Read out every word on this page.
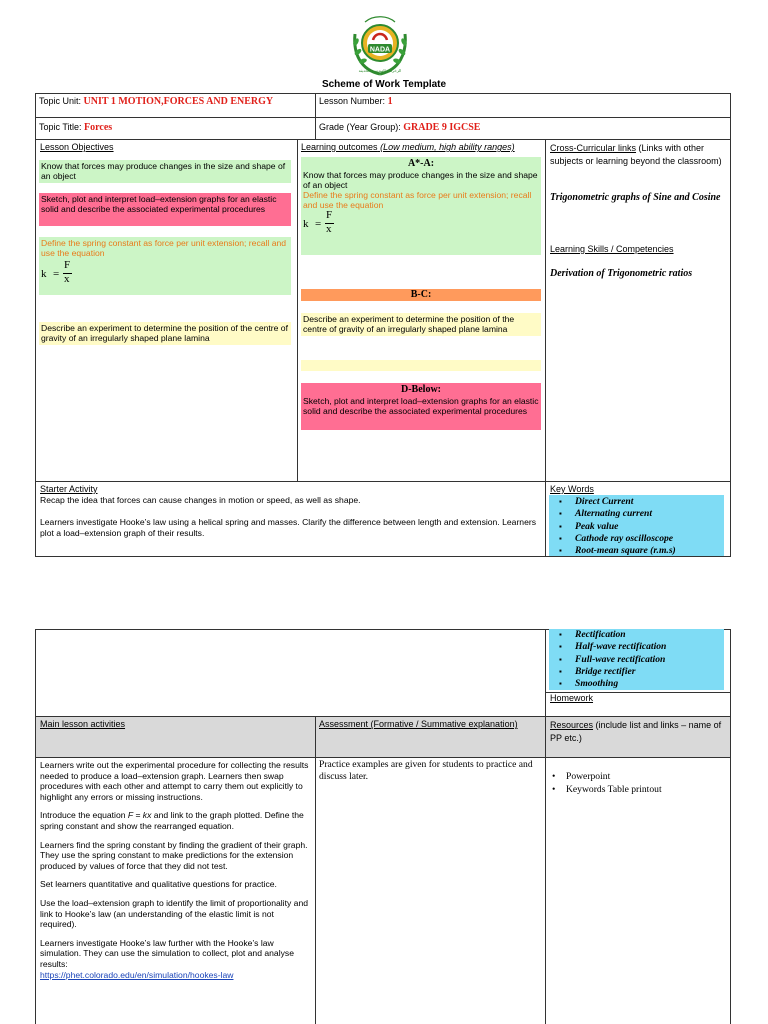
NADA
الزخرفية الهندسية الحديثة
Scheme of Work Template
Topic Unit: UNIT 1 MOTION,FORCES AND ENERGY	Lesson Number: 1
Topic Title: Forces	Grade (Year Group): GRADE 9 IGCSE
Lesson Objectives	Learning outcomes (Low medium, high ability ranges)	Cross-Curricular links (Links with other subjects or learning beyond the classroom)
Know that forces may produce changes in the size and shape of an object
Sketch, plot and interpret load–extension graphs for an elastic solid and describe the associated experimental procedures
Define the spring constant as force per unit extension; recall and use the equation
k =
F
x
Describe an experiment to determine the position of the centre of gravity of an irregularly shaped plane lamina
A*-A:
Know that forces may produce changes in the size and shape of an object
Define the spring constant as force per unit extension; recall and use the equation
k =
F
x
B-C:
Describe an experiment to determine the position of the centre of gravity of an irregularly shaped plane lamina
D-Below:
Sketch, plot and interpret load–extension graphs for an elastic solid and describe the associated experimental procedures
Trigonometric graphs of Sine and Cosine
Learning Skills / Competencies
Derivation of Trigonometric ratios
Starter Activity
Recap the idea that forces can cause changes in motion or speed, as well as shape.
Learners investigate Hooke’s law using a helical spring and masses. Clarify the difference between length and extension. Learners plot a load–extension graph of their results.
Key Words
▪ Direct Current
▪ Alternating current
▪ Peak value
▪ Cathode ray oscilloscope
▪ Root-mean square (r.m.s)
▪ Rectification
▪ Half-wave rectification
▪ Full-wave rectification
▪ Bridge rectifier
▪ Smoothing
Homework
Main lesson activities	Assessment (Formative / Summative explanation)	Resources (include list and links – name of PP etc.)
Learners write out the experimental procedure for collecting the results needed to produce a load–extension graph. Learners then swap procedures with each other and attempt to carry them out explicitly to highlight any errors or missing instructions.
Introduce the equation F = kx and link to the graph plotted. Define the spring constant and show the rearranged equation.
Learners find the spring constant by finding the gradient of their graph. They use the spring constant to make predictions for the extension produced by values of force that they did not test.
Set learners quantitative and qualitative questions for practice.
Use the load–extension graph to identify the limit of proportionality and link to Hooke’s law (an understanding of the elastic limit is not required).
Learners investigate Hooke’s law further with the Hooke’s law simulation. They can use the simulation to collect, plot and analyse results:
https://phet.colorado.edu/en/simulation/hookes-law
Practice examples are given for students to practice and discuss later.
•	Powerpoint
• Keywords Table printout
